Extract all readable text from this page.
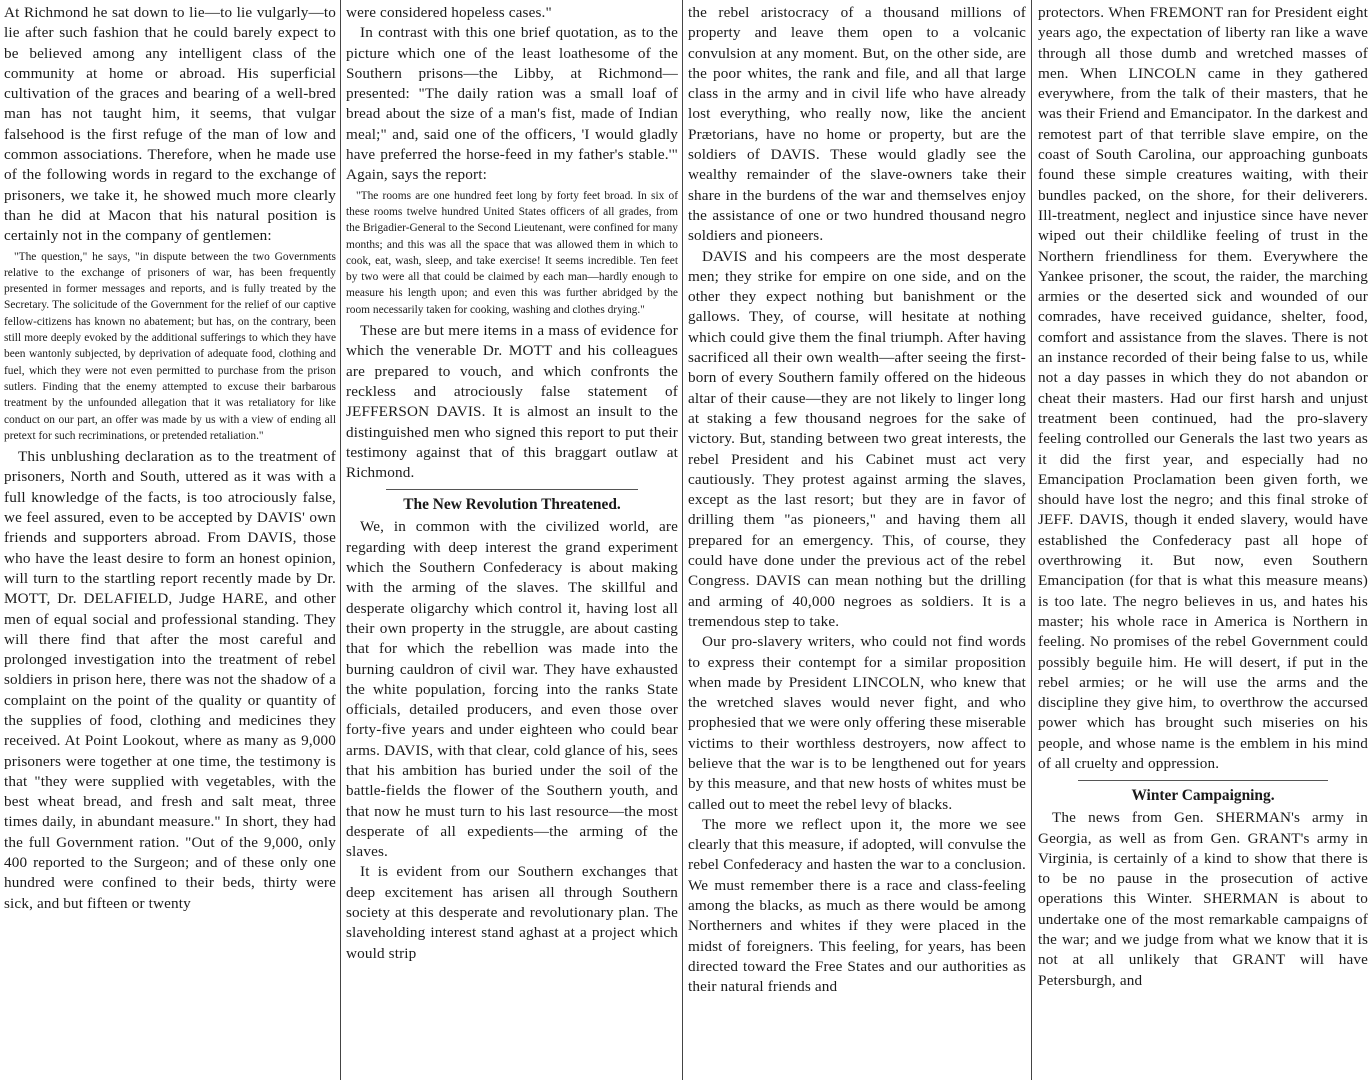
At Richmond he sat down to lie—to lie vulgarly—to lie after such fashion that he could barely expect to be believed among any intelligent class of the community at home or abroad. His superficial cultivation of the graces and bearing of a well-bred man has not taught him, it seems, that vulgar falsehood is the first refuge of the man of low and common associations. Therefore, when he made use of the following words in regard to the exchange of prisoners, we take it, he showed much more clearly than he did at Macon that his natural position is certainly not in the company of gentlemen:

"The question," he says, "in dispute between the two Governments relative to the exchange of prisoners of war, has been frequently presented in former messages and reports, and is fully treated by the Secretary. The solicitude of the Government for the relief of our captive fellow-citizens has known no abatement; but has, on the contrary, been still more deeply evoked by the additional sufferings to which they have been wantonly subjected, by deprivation of adequate food, clothing and fuel, which they were not even permitted to purchase from the prison sutlers. Finding that the enemy attempted to excuse their barbarous treatment by the unfounded allegation that it was retaliatory for like conduct on our part, an offer was made by us with a view of ending all pretext for such recriminations, or pretended retaliation."

This unblushing declaration as to the treatment of prisoners, North and South, uttered as it was with a full knowledge of the facts, is too atrociously false, we feel assured, even to be accepted by DAVIS' own friends and supporters abroad. From DAVIS, those who have the least desire to form an honest opinion, will turn to the startling report recently made by Dr. MOTT, Dr. DELAFIELD, Judge HARE, and other men of equal social and professional standing. They will there find that after the most careful and prolonged investigation into the treatment of rebel soldiers in prison here, there was not the shadow of a complaint on the point of the quality or quantity of the supplies of food, clothing and medicines they received. At Point Lookout, where as many as 9,000 prisoners were together at one time, the testimony is that "they were supplied with vegetables, with the best wheat bread, and fresh and salt meat, three times daily, in abundant measure." In short, they had the full Government ration. "Out of the 9,000, only 400 reported to the Surgeon; and of these only one hundred were confined to their beds, thirty were sick, and but fifteen or twenty

were considered hopeless cases."

In contrast with this one brief quotation, as to the picture which one of the least loathesome of the Southern prisons—the Libby, at Richmond—presented: "The daily ration was a small loaf of bread about the size of a man's fist, made of Indian meal;" and, said one of the officers, 'I would gladly have preferred the horse-feed in my father's stable.'" Again, says the report:

"The rooms are one hundred feet long by forty feet broad. In six of these rooms twelve hundred United States officers of all grades, from the Brigadier-General to the Second Lieutenant, were confined for many months; and this was all the space that was allowed them in which to cook, eat, wash, sleep, and take exercise! It seems incredible. Ten feet by two were all that could be claimed by each man—hardly enough to measure his length upon; and even this was further abridged by the room necessarily taken for cooking, washing and clothes drying."

These are but mere items in a mass of evidence for which the venerable Dr. MOTT and his colleagues are prepared to vouch, and which confronts the reckless and atrociously false statement of JEFFERSON DAVIS. It is almost an insult to the distinguished men who signed this report to put their testimony against that of this braggart outlaw at Richmond.

The New Revolution Threatened.

We, in common with the civilized world, are regarding with deep interest the grand experiment which the Southern Confederacy is about making with the arming of the slaves. The skillful and desperate oligarchy which control it, having lost all their own property in the struggle, are about casting that for which the rebellion was made into the burning cauldron of civil war. They have exhausted the white population, forcing into the ranks State officials, detailed producers, and even those over forty-five years and under eighteen who could bear arms. DAVIS, with that clear, cold glance of his, sees that his ambition has buried under the soil of the battle-fields the flower of the Southern youth, and that now he must turn to his last resource—the most desperate of all expedients—the arming of the slaves.

It is evident from our Southern exchanges that deep excitement has arisen all through Southern society at this desperate and revolutionary plan. The slaveholding interest stand aghast at a project which would strip

the rebel aristocracy of a thousand millions of property and leave them open to a volcanic convulsion at any moment. But, on the other side, are the poor whites, the rank and file, and all that large class in the army and in civil life who have already lost everything, who really now, like the ancient Prætorians, have no home or property, but are the soldiers of DAVIS. These would gladly see the wealthy remainder of the slave-owners take their share in the burdens of the war and themselves enjoy the assistance of one or two hundred thousand negro soldiers and pioneers.

DAVIS and his compeers are the most desperate men; they strike for empire on one side, and on the other they expect nothing but banishment or the gallows. They, of course, will hesitate at nothing which could give them the final triumph. After having sacrificed all their own wealth—after seeing the first-born of every Southern family offered on the hideous altar of their cause—they are not likely to linger long at staking a few thousand negroes for the sake of victory. But, standing between two great interests, the rebel President and his Cabinet must act very cautiously. They protest against arming the slaves, except as the last resort; but they are in favor of drilling them "as pioneers," and having them all prepared for an emergency. This, of course, they could have done under the previous act of the rebel Congress. DAVIS can mean nothing but the drilling and arming of 40,000 negroes as soldiers. It is a tremendous step to take.

Our pro-slavery writers, who could not find words to express their contempt for a similar proposition when made by President LINCOLN, who knew that the wretched slaves would never fight, and who prophesied that we were only offering these miserable victims to their worthless destroyers, now affect to believe that the war is to be lengthened out for years by this measure, and that new hosts of whites must be called out to meet the rebel levy of blacks.

The more we reflect upon it, the more we see clearly that this measure, if adopted, will convulse the rebel Confederacy and hasten the war to a conclusion. We must remember there is a race and class-feeling among the blacks, as much as there would be among Northerners and whites if they were placed in the midst of foreigners. This feeling, for years, has been directed toward the Free States and our authorities as their natural friends and

protectors. When FREMONT ran for President eight years ago, the expectation of liberty ran like a wave through all those dumb and wretched masses of men. When LINCOLN came in they gathered everywhere, from the talk of their masters, that he was their Friend and Emancipator. In the darkest and remotest part of that terrible slave empire, on the coast of South Carolina, our approaching gunboats found these simple creatures waiting, with their bundles packed, on the shore, for their deliverers. Ill-treatment, neglect and injustice since have never wiped out their childlike feeling of trust in the Northern friendliness for them. Everywhere the Yankee prisoner, the scout, the raider, the marching armies or the deserted sick and wounded of our comrades, have received guidance, shelter, food, comfort and assistance from the slaves. There is not an instance recorded of their being false to us, while not a day passes in which they do not abandon or cheat their masters. Had our first harsh and unjust treatment been continued, had the pro-slavery feeling controlled our Generals the last two years as it did the first year, and especially had no Emancipation Proclamation been given forth, we should have lost the negro; and this final stroke of JEFF. DAVIS, though it ended slavery, would have established the Confederacy past all hope of overthrowing it. But now, even Southern Emancipation (for that is what this measure means) is too late. The negro believes in us, and hates his master; his whole race in America is Northern in feeling. No promises of the rebel Government could possibly beguile him. He will desert, if put in the rebel armies; or he will use the arms and the discipline they give him, to overthrow the accursed power which has brought such miseries on his people, and whose name is the emblem in his mind of all cruelty and oppression.

Winter Campaigning.

The news from Gen. SHERMAN's army in Georgia, as well as from Gen. GRANT's army in Virginia, is certainly of a kind to show that there is to be no pause in the prosecution of active operations this Winter. SHERMAN is about to undertake one of the most remarkable campaigns of the war; and we judge from what we know that it is not at all unlikely that GRANT will have Petersburgh, and
